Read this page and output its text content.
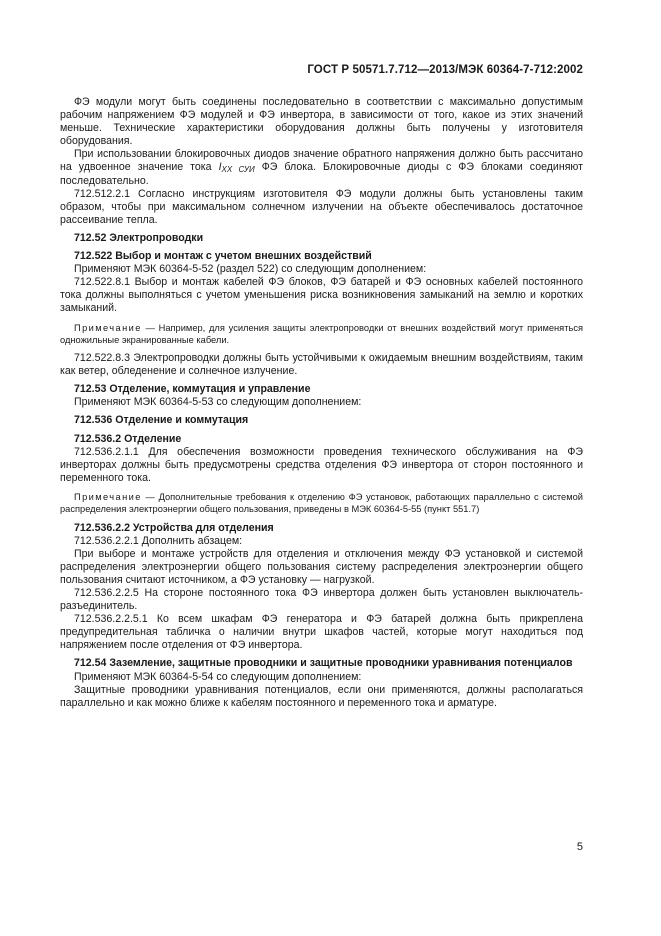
ГОСТ Р 50571.7.712—2013/МЭК 60364-7-712:2002

ФЭ модули могут быть соединены последовательно в соответствии с максимально допустимым рабочим напряжением ФЭ модулей и ФЭ инвертора, в зависимости от того, какое из этих значений меньше. Технические характеристики оборудования должны быть получены у изготовителя оборудования.

При использовании блокировочных диодов значение обратного напряжения должно быть рассчитано на удвоенное значение тока IХХ СУИ ФЭ блока. Блокировочные диоды с ФЭ блоками соединяют последовательно.

712.512.2.1 Согласно инструкциям изготовителя ФЭ модули должны быть установлены таким образом, чтобы при максимальном солнечном излучении на объекте обеспечивалось достаточное рассеивание тепла.

712.52 Электропроводки

712.522 Выбор и монтаж с учетом внешних воздействий

Применяют МЭК 60364-5-52 (раздел 522) со следующим дополнением:

712.522.8.1 Выбор и монтаж кабелей ФЭ блоков, ФЭ батарей и ФЭ основных кабелей постоянного тока должны выполняться с учетом уменьшения риска возникновения замыканий на землю и коротких замыканий.

Примечание — Например, для усиления защиты электропроводки от внешних воздействий могут применяться одножильные экранированные кабели.

712.522.8.3 Электропроводки должны быть устойчивыми к ожидаемым внешним воздействиям, таким как ветер, обледенение и солнечное излучение.

712.53 Отделение, коммутация и управление

Применяют МЭК 60364-5-53 со следующим дополнением:

712.536 Отделение и коммутация

712.536.2 Отделение

712.536.2.1.1 Для обеспечения возможности проведения технического обслуживания на ФЭ инверторах должны быть предусмотрены средства отделения ФЭ инвертора от сторон постоянного и переменного тока.

Примечание — Дополнительные требования к отделению ФЭ установок, работающих параллельно с системой распределения электроэнергии общего пользования, приведены в МЭК 60364-5-55 (пункт 551.7)

712.536.2.2 Устройства для отделения

712.536.2.2.1 Дополнить абзацем:

При выборе и монтаже устройств для отделения и отключения между ФЭ установкой и системой распределения электроэнергии общего пользования систему распределения электроэнергии общего пользования считают источником, а ФЭ установку — нагрузкой.

712.536.2.2.5 На стороне постоянного тока ФЭ инвертора должен быть установлен выключатель-разъединитель.

712.536.2.2.5.1 Ко всем шкафам ФЭ генератора и ФЭ батарей должна быть прикреплена предупредительная табличка о наличии внутри шкафов частей, которые могут находиться под напряжением после отделения от ФЭ инвертора.

712.54 Заземление, защитные проводники и защитные проводники уравнивания потенциалов

Применяют МЭК 60364-5-54 со следующим дополнением:

Защитные проводники уравнивания потенциалов, если они применяются, должны располагаться параллельно и как можно ближе к кабелям постоянного и переменного тока и арматуре.

5
